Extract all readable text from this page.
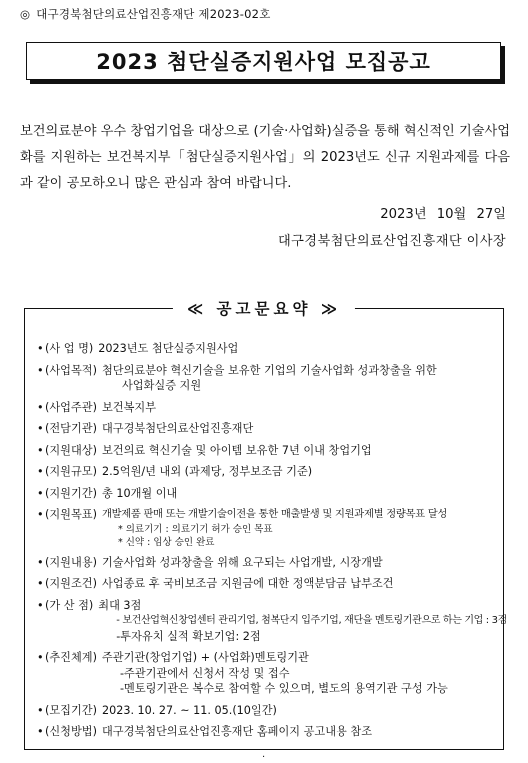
◎ 대구경북첨단의료산업진흥재단 제2023-02호
2023 첨단실증지원사업 모집공고

보건의료분야 우수 창업기업을 대상으로 (기술·사업화)실증을 통해 혁신적인 기술사업화를 지원하는 보건복지부「첨단실증지원사업」의 2023년도 신규 지원과제를 다음과 같이 공모하오니 많은 관심과 참여 바랍니다.

2023년 10월 27일
대구경북첨단의료산업진흥재단 이사장
≪ 공고문요약 ≫
• (사 업 명) 2023년도 첨단실증지원사업
• (사업목적) 첨단의료분야 혁신기술을 보유한 기업의 기술사업화 성과창출을 위한
사업화실증 지원
• (사업주관) 보건복지부
• (전담기관) 대구경북첨단의료산업진흥재단
• (지원대상) 보건의료 혁신기술 및 아이템 보유한 7년 이내 창업기업
• (지원규모) 2.5억원/년 내외 (과제당, 정부보조금 기준)
• (지원기간) 총 10개월 이내
• (지원목표) 개발제품 판매 또는 개발기술이전을 통한 매출발생 및 지원과제별 정량목표 달성
* 의료기기 : 의료기기 허가 승인 목표
* 신약 : 임상 승인 완료
• (지원내용) 기술사업화 성과창출을 위해 요구되는 사업개발, 시장개발
• (지원조건) 사업종료 후 국비보조금 지원금에 대한 정액분담금 납부조건
• (가 산 점) 최대 3점
- 보건산업혁신창업센터 관리기업, 첨복단지 입주기업, 재단을 멘토링기관으로 하는 기업 : 3점
-투자유치 실적 확보기업: 2점
• (추진체계) 주관기관(창업기업) + (사업화)멘토링기관
-주관기관에서 신청서 작성 및 접수
-멘토링기관은 복수로 참여할 수 있으며, 별도의 용역기관 구성 가능
• (모집기간) 2023. 10. 27. ~ 11. 05.(10일간)
• (신청방법) 대구경북첨단의료산업진흥재단 홈페이지 공고내용 참조
·
